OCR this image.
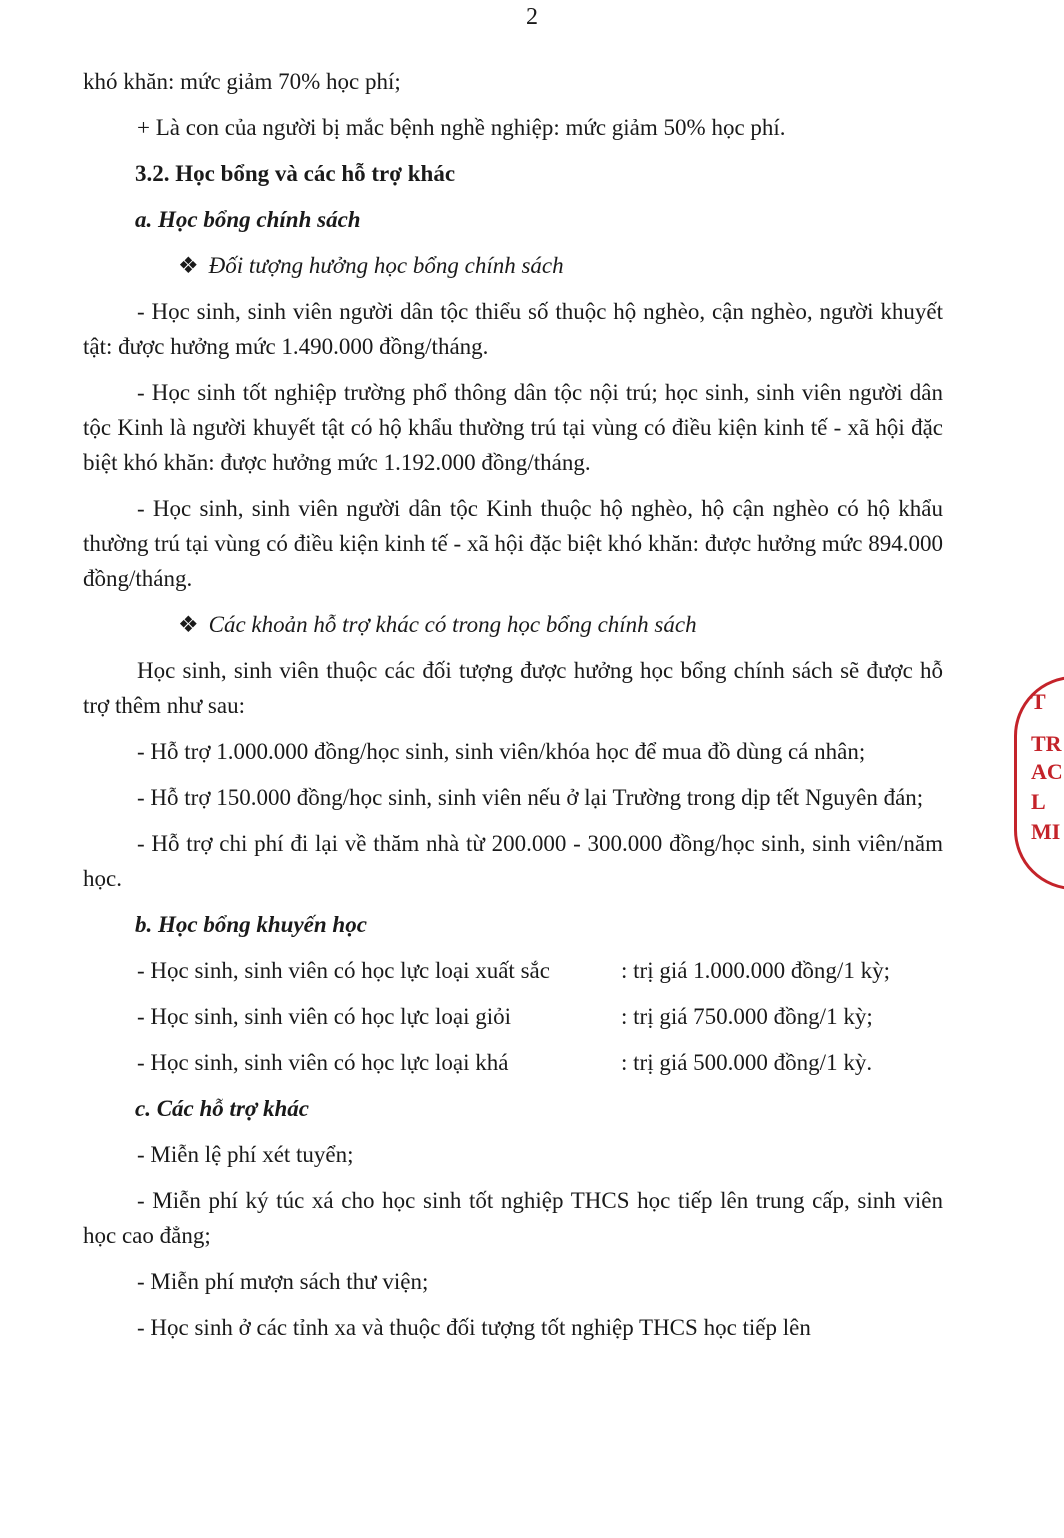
2

khó khăn: mức giảm 70% học phí;

+ Là con của người bị mắc bệnh nghề nghiệp: mức giảm 50% học phí.

3.2. Học bổng và các hỗ trợ khác

a. Học bổng chính sách

❖ Đối tượng hưởng học bổng chính sách

- Học sinh, sinh viên người dân tộc thiểu số thuộc hộ nghèo, cận nghèo, người khuyết tật: được hưởng mức 1.490.000 đồng/tháng.

- Học sinh tốt nghiệp trường phổ thông dân tộc nội trú; học sinh, sinh viên người dân tộc Kinh là người khuyết tật có hộ khẩu thường trú tại vùng có điều kiện kinh tế - xã hội đặc biệt khó khăn: được hưởng mức 1.192.000 đồng/tháng.

- Học sinh, sinh viên người dân tộc Kinh thuộc hộ nghèo, hộ cận nghèo có hộ khẩu thường trú tại vùng có điều kiện kinh tế - xã hội đặc biệt khó khăn: được hưởng mức 894.000 đồng/tháng.

❖ Các khoản hỗ trợ khác có trong học bổng chính sách

Học sinh, sinh viên thuộc các đối tượng được hưởng học bổng chính sách sẽ được hỗ trợ thêm như sau:

- Hỗ trợ 1.000.000 đồng/học sinh, sinh viên/khóa học để mua đồ dùng cá nhân;

- Hỗ trợ 150.000 đồng/học sinh, sinh viên nếu ở lại Trường trong dịp tết Nguyên đán;

- Hỗ trợ chi phí đi lại về thăm nhà từ 200.000 - 300.000 đồng/học sinh, sinh viên/năm học.

b. Học bổng khuyến học

- Học sinh, sinh viên có học lực loại xuất sắc	: trị giá 1.000.000 đồng/1 kỳ;
- Học sinh, sinh viên có học lực loại giỏi	: trị giá 750.000 đồng/1 kỳ;
- Học sinh, sinh viên có học lực loại khá	: trị giá 500.000 đồng/1 kỳ.

c. Các hỗ trợ khác

- Miễn lệ phí xét tuyển;

- Miễn phí ký túc xá cho học sinh tốt nghiệp THCS học tiếp lên trung cấp, sinh viên học cao đẳng;

- Miễn phí mượn sách thư viện;

- Học sinh ở các tỉnh xa và thuộc đối tượng tốt nghiệp THCS học tiếp lên

T
TR
AC
L
MI
